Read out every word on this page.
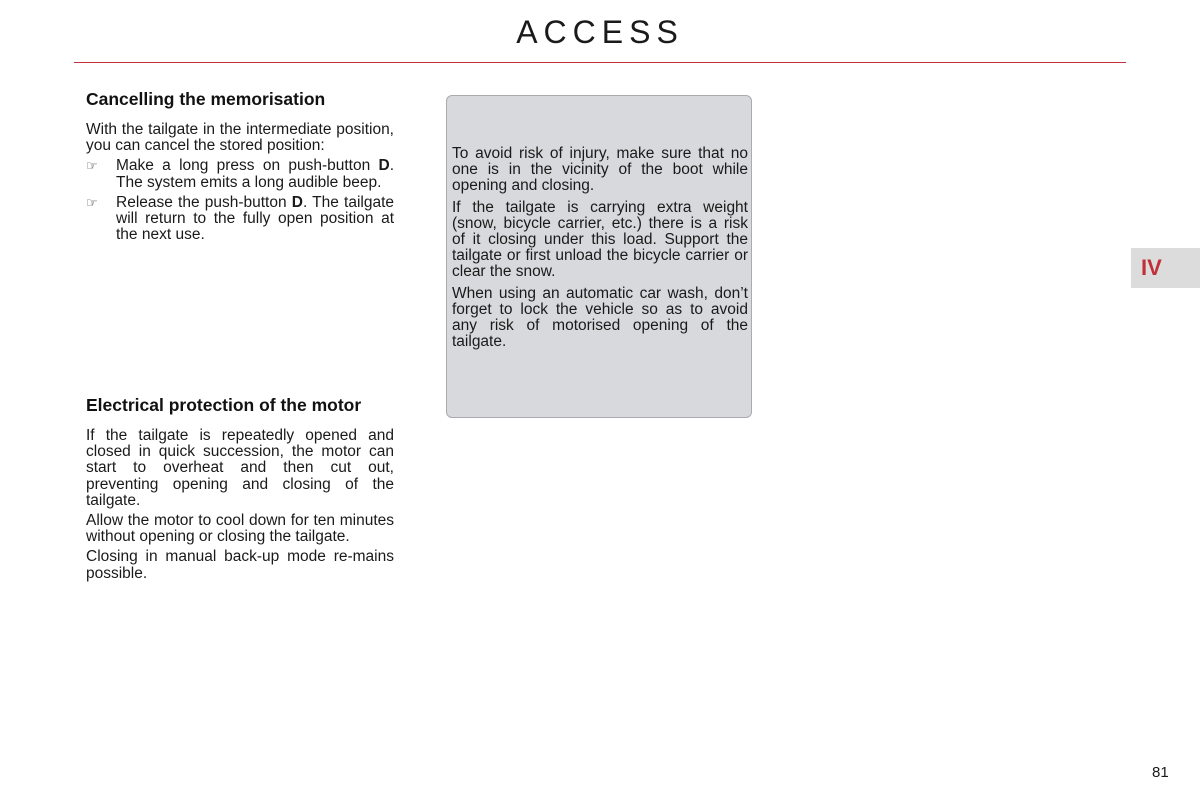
ACCESS
Cancelling the memorisation

With the tailgate in the intermediate position, you can cancel the stored position:

☞	Make a long press on push-button D. The system emits a long audible beep.
☞	Release the push-button D. The tailgate will return to the fully open position at the next use.
Electrical protection of the motor

If the tailgate is repeatedly opened and closed in quick succession, the motor can start to overheat and then cut out, preventing opening and closing of the tailgate.

Allow the motor to cool down for ten minutes without opening or closing the tailgate.

Closing in manual back-up mode re-mains possible.

To avoid risk of injury, make sure that no one is in the vicinity of the boot while opening and closing.

If the tailgate is carrying extra weight (snow, bicycle carrier, etc.) there is a risk of it closing under this load. Support the tailgate or first unload the bicycle carrier or clear the snow.

When using an automatic car wash, don’t forget to lock the vehicle so as to avoid any risk of motorised opening of the tailgate.

IV
81
